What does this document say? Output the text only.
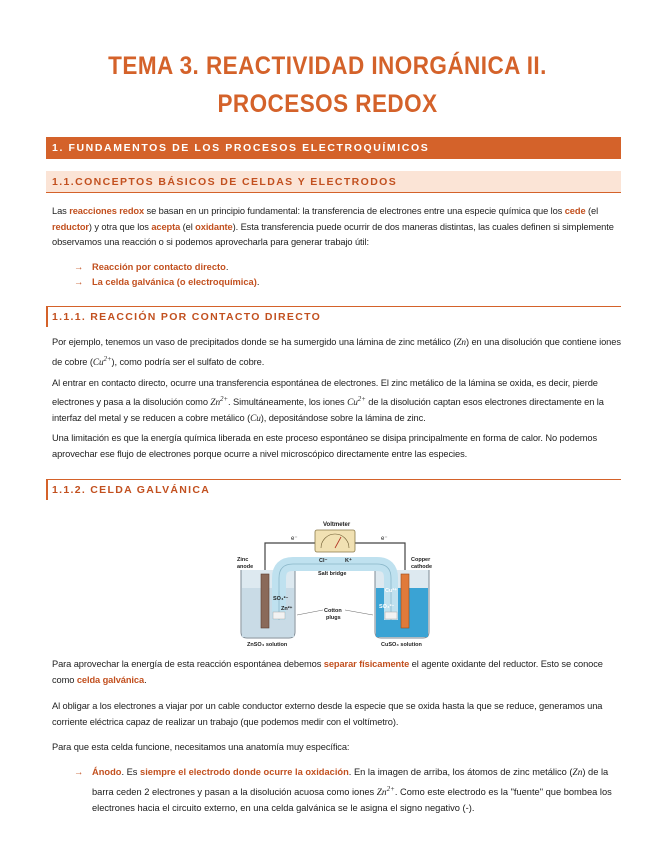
TEMA 3. REACTIVIDAD INORGÁNICA II.
PROCESOS REDOX
1. FUNDAMENTOS DE LOS PROCESOS ELECTROQUÍMICOS
1.1.CONCEPTOS BÁSICOS DE CELDAS Y ELECTRODOS
Las reacciones redox se basan en un principio fundamental: la transferencia de electrones entre una especie química que los cede (el reductor) y otra que los acepta (el oxidante). Esta transferencia puede ocurrir de dos maneras distintas, las cuales definen si simplemente observamos una reacción o si podemos aprovecharla para generar trabajo útil:
→ Reacción por contacto directo.
→ La celda galvánica (o electroquímica).
1.1.1. REACCIÓN POR CONTACTO DIRECTO
Por ejemplo, tenemos un vaso de precipitados donde se ha sumergido una lámina de zinc metálico (Zn) en una disolución que contiene iones de cobre $(Cu^{2+})$, como podría ser el sulfato de cobre.
Al entrar en contacto directo, ocurre una transferencia espontánea de electrones. El zinc metálico de la lámina se oxida, es decir, pierde electrones y pasa a la disolución como $Zn^{2+}$. Simultáneamente, los iones $Cu^{2+}$ de la disolución captan esos electrones directamente en la interfaz del metal y se reducen a cobre metálico (Cu), depositándose sobre la lámina de zinc.
Una limitación es que la energía química liberada en este proceso espontáneo se disipa principalmente en forma de calor. No podemos aprovechar ese flujo de electrones porque ocurre a nivel microscópico directamente entre las especies.
1.1.2. CELDA GALVÁNICA
Voltmeter
e⁻	e⁻
Zinc
anode
Copper
cathode
Cl⁻	K⁺
Salt bridge
SO₄²⁻
Zn²⁺	Cotton
plugs
SO₄²⁻
Cu²⁺
ZnSO₄ solution	CuSO₄ solution
Para aprovechar la energía de esta reacción espontánea debemos separar físicamente el agente oxidante del reductor. Esto se conoce como celda galvánica.
Al obligar a los electrones a viajar por un cable conductor externo desde la especie que se oxida hasta la que se reduce, generamos una corriente eléctrica capaz de realizar un trabajo (que podemos medir con el voltímetro).
Para que esta celda funcione, necesitamos una anatomía muy específica:
→ Ánodo. Es siempre el electrodo donde ocurre la oxidación. En la imagen de arriba, los átomos de zinc metálico (Zn) de la barra ceden 2 electrones y pasan a la disolución acuosa como iones $Zn^{2+}$. Como este electrodo es la "fuente" que bombea los electrones hacia el circuito externo, en una celda galvánica se le asigna el signo negativo (-).
